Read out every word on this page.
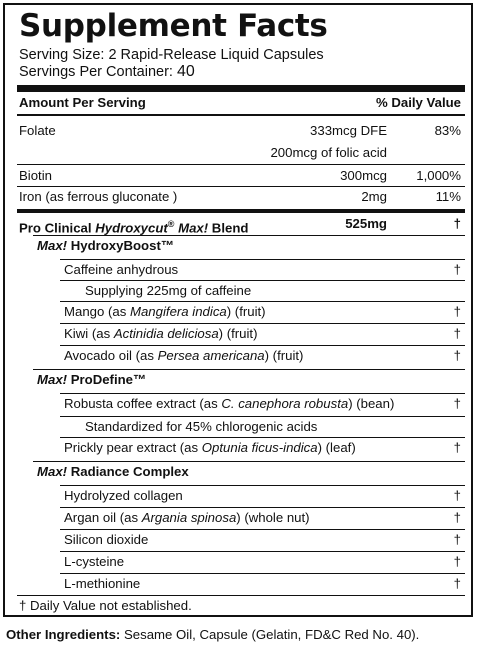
Supplement Facts
Serving Size: 2 Rapid-Release Liquid Capsules
Servings Per Container: 40
Amount Per Serving	% Daily Value
Folate	333mcg DFE	83%
200mcg of folic acid
Biotin	300mcg 1,000%
Iron (as ferrous gluconate )	2mg	11%
Pro Clinical Hydroxycut® Max! Blend	525mg	†
Max! HydroxyBoost™
Caffeine anhydrous	†
Supplying 225mg of caffeine
Mango (as Mangifera indica) (fruit)	†
Kiwi (as Actinidia deliciosa) (fruit)	†
Avocado oil (as Persea americana) (fruit)	†
Max! ProDefine™
Robusta coffee extract (as C. canephora robusta) (bean)	†
Standardized for 45% chlorogenic acids
Prickly pear extract (as Optunia ficus-indica) (leaf)	†
Max! Radiance Complex
Hydrolyzed collagen	†
Argan oil (as Argania spinosa) (whole nut)	†
Silicon dioxide	†
L-cysteine	†
L-methionine	†
† Daily Value not established.
Other Ingredients: Sesame Oil, Capsule (Gelatin, FD&C Red No. 40).
